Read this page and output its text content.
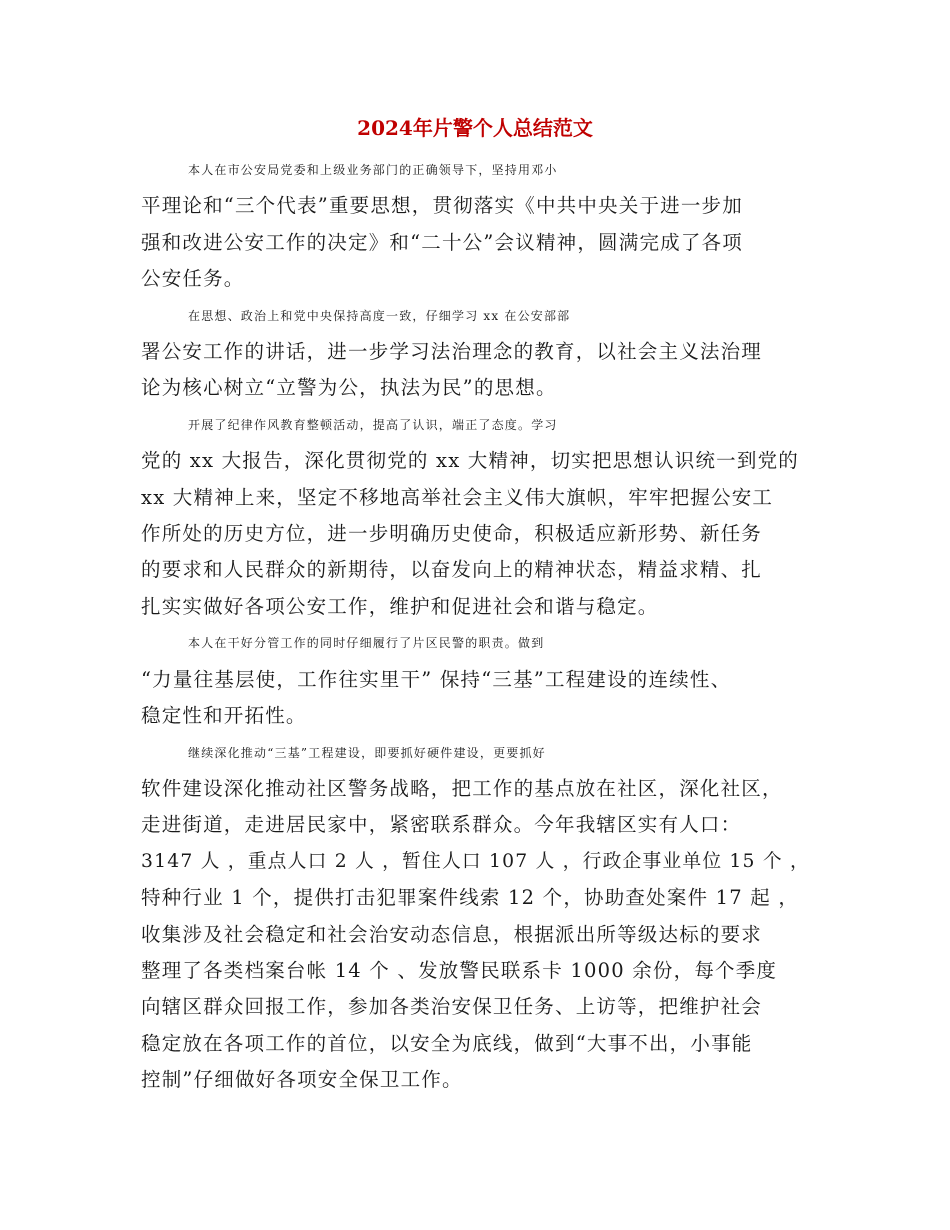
2024年片警个人总结范文

本人在市公安局党委和上级业务部门的正确领导下，坚持用邓小
平理论和“三个代表”重要思想，贯彻落实《中共中央关于进一步加
强和改进公安工作的决定》和“二十公”会议精神，圆满完成了各项
公安任务。

在思想、政治上和党中央保持高度一致，仔细学习 xx 在公安部部
署公安工作的讲话，进一步学习法治理念的教育，以社会主义法治理
论为核心树立“立警为公，执法为民”的思想。

开展了纪律作风教育整顿活动，提高了认识，端正了态度。学习
党的 xx 大报告，深化贯彻党的 xx 大精神，切实把思想认识统一到党的
xx 大精神上来，坚定不移地高举社会主义伟大旗帜，牢牢把握公安工
作所处的历史方位，进一步明确历史使命，积极适应新形势、新任务
的要求和人民群众的新期待，以奋发向上的精神状态，精益求精、扎
扎实实做好各项公安工作，维护和促进社会和谐与稳定。

本人在干好分管工作的同时仔细履行了片区民警的职责。做到
“力量往基层使，工作往实里干” 保持“三基”工程建设的连续性、
稳定性和开拓性。

继续深化推动“三基”工程建设，即要抓好硬件建设，更要抓好
软件建设深化推动社区警务战略，把工作的基点放在社区，深化社区，
走进街道，走进居民家中，紧密联系群众。今年我辖区实有人口：
3147 人 ，重点人口 2 人 ，暂住人口 107 人 ，行政企事业单位 15 个 ，
特种行业 1 个，提供打击犯罪案件线索 12 个，协助查处案件 17 起 ，
收集涉及社会稳定和社会治安动态信息，根据派出所等级达标的要求
整理了各类档案台帐 14 个 、发放警民联系卡 1000 余份，每个季度
向辖区群众回报工作，参加各类治安保卫任务、上访等，把维护社会
稳定放在各项工作的首位，以安全为底线，做到“大事不出，小事能
控制”仔细做好各项安全保卫工作。
